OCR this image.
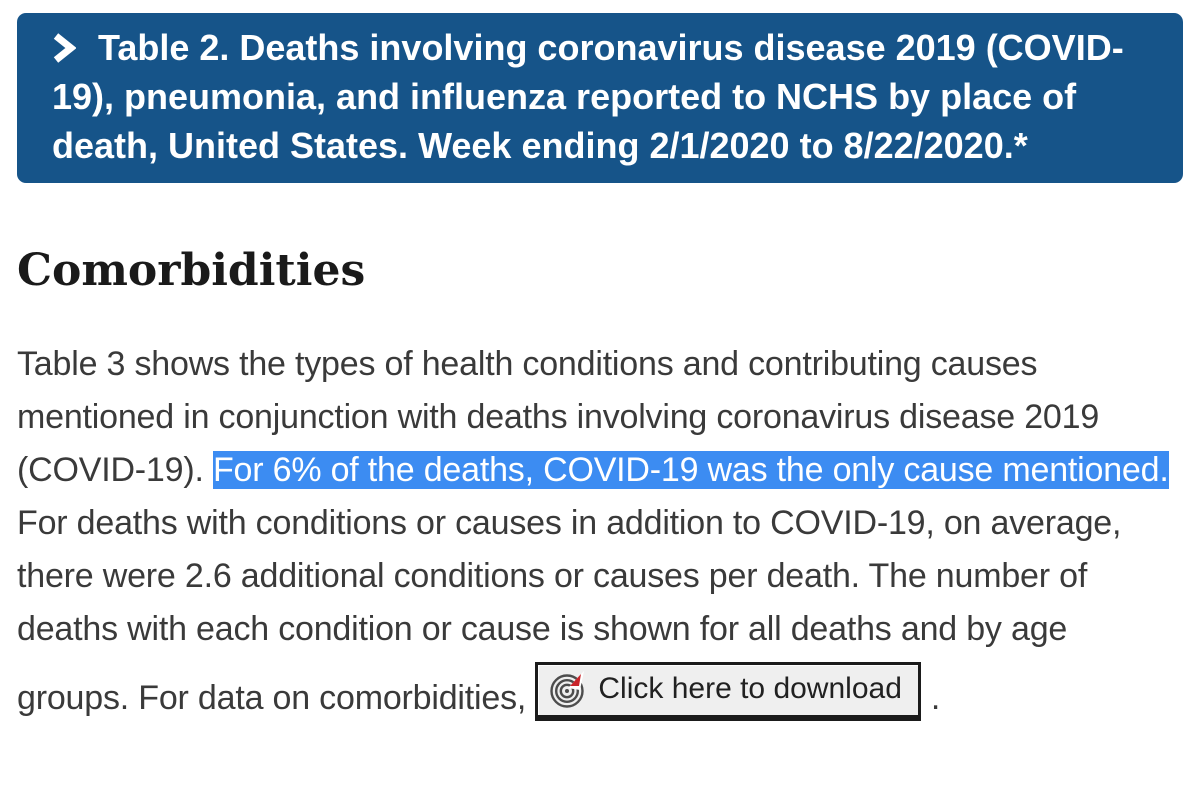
Table 2. Deaths involving coronavirus disease 2019 (COVID-19), pneumonia, and influenza reported to NCHS by place of death, United States. Week ending 2/1/2020 to 8/22/2020.*
Comorbidities

Table 3 shows the types of health conditions and contributing causes mentioned in conjunction with deaths involving coronavirus disease 2019 (COVID-19). For 6% of the deaths, COVID-19 was the only cause mentioned. For deaths with conditions or causes in addition to COVID-19, on average, there were 2.6 additional conditions or causes per death. The number of deaths with each condition or cause is shown for all deaths and by age groups. For data on comorbidities, Click here to download .
